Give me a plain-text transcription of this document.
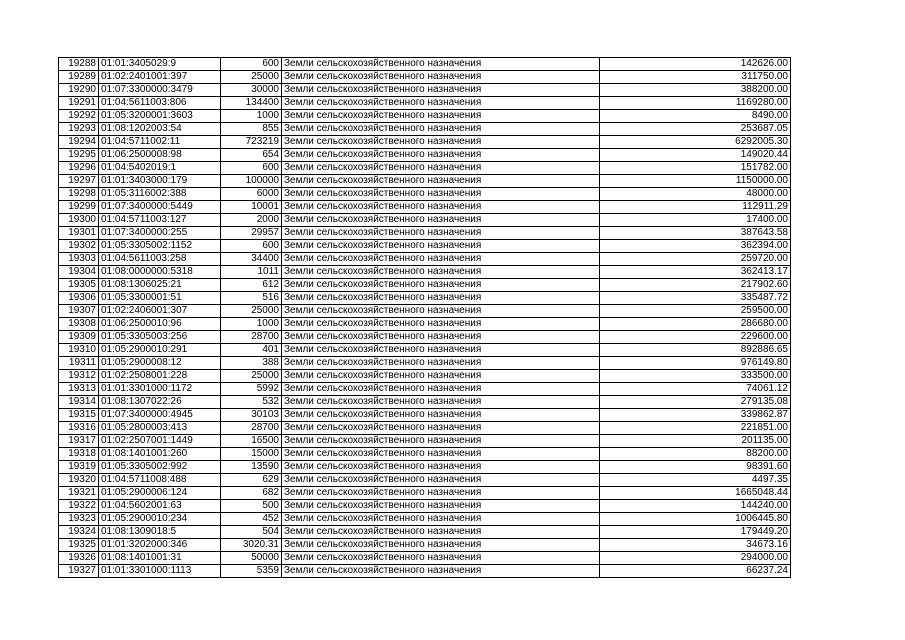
19288	01:01:3405029:9	600	Земли сельскохозяйственного назначения	142626.00
19289	01:02:2401001:397	25000	Земли сельскохозяйственного назначения	311750.00
19290	01:07:3300000:3479	30000	Земли сельскохозяйственного назначения	388200.00
19291	01:04:5611003:806	134400	Земли сельскохозяйственного назначения	1169280.00
19292	01:05:3200001:3603	1000	Земли сельскохозяйственного назначения	8490.00
19293	01:08:1202003:54	855	Земли сельскохозяйственного назначения	253687.05
19294	01:04:5711002:11	723219	Земли сельскохозяйственного назначения	6292005.30
19295	01:06:2500008:98	654	Земли сельскохозяйственного назначения	149020.44
19296	01:04:5402019:1	600	Земли сельскохозяйственного назначения	151782.00
19297	01:01:3403000:179	100000	Земли сельскохозяйственного назначения	1150000.00
19298	01:05:3116002:388	6000	Земли сельскохозяйственного назначения	48000.00
19299	01:07:3400000:5449	10001	Земли сельскохозяйственного назначения	112911.29
19300	01:04:5711003:127	2000	Земли сельскохозяйственного назначения	17400.00
19301	01:07:3400000:255	29957	Земли сельскохозяйственного назначения	387643.58
19302	01:05:3305002:1152	600	Земли сельскохозяйственного назначения	362394.00
19303	01:04:5611003:258	34400	Земли сельскохозяйственного назначения	259720.00
19304	01:08:0000000:5318	1011	Земли сельскохозяйственного назначения	362413.17
19305	01:08:1306025:21	612	Земли сельскохозяйственного назначения	217902.60
19306	01:05:3300001:51	516	Земли сельскохозяйственного назначения	335487.72
19307	01:02:2406001:307	25000	Земли сельскохозяйственного назначения	259500.00
19308	01:06:2500010:96	1000	Земли сельскохозяйственного назначения	286680.00
19309	01:05:3305003:256	28700	Земли сельскохозяйственного назначения	229600.00
19310	01:05:2900010:291	401	Земли сельскохозяйственного назначения	892886.65
19311	01:05:2900008:12	388	Земли сельскохозяйственного назначения	976149.80
19312	01:02:2508001:228	25000	Земли сельскохозяйственного назначения	333500.00
19313	01:01:3301000:1172	5992	Земли сельскохозяйственного назначения	74061.12
19314	01:08:1307022:26	532	Земли сельскохозяйственного назначения	279135.08
19315	01:07:3400000:4945	30103	Земли сельскохозяйственного назначения	339862.87
19316	01:05:2800003:413	28700	Земли сельскохозяйственного назначения	221851.00
19317	01:02:2507001:1449	16500	Земли сельскохозяйственного назначения	201135.00
19318	01:08:1401001:260	15000	Земли сельскохозяйственного назначения	88200.00
19319	01:05:3305002:992	13590	Земли сельскохозяйственного назначения	98391.60
19320	01:04:5711008:488	629	Земли сельскохозяйственного назначения	4497.35
19321	01:05:2900006:124	682	Земли сельскохозяйственного назначения	1665048.44
19322	01:04:5602001:63	500	Земли сельскохозяйственного назначения	144240.00
19323	01:05:2900010:234	452	Земли сельскохозяйственного назначения	1006445.80
19324	01:08:1309018:5	504	Земли сельскохозяйственного назначения	179449.20
19325	01:01:3202000:346	3020.31	Земли сельскохозяйственного назначения	34673.16
19326	01:08:1401001:31	50000	Земли сельскохозяйственного назначения	294000.00
19327	01:01:3301000:1113	5359	Земли сельскохозяйственного назначения	66237.24
